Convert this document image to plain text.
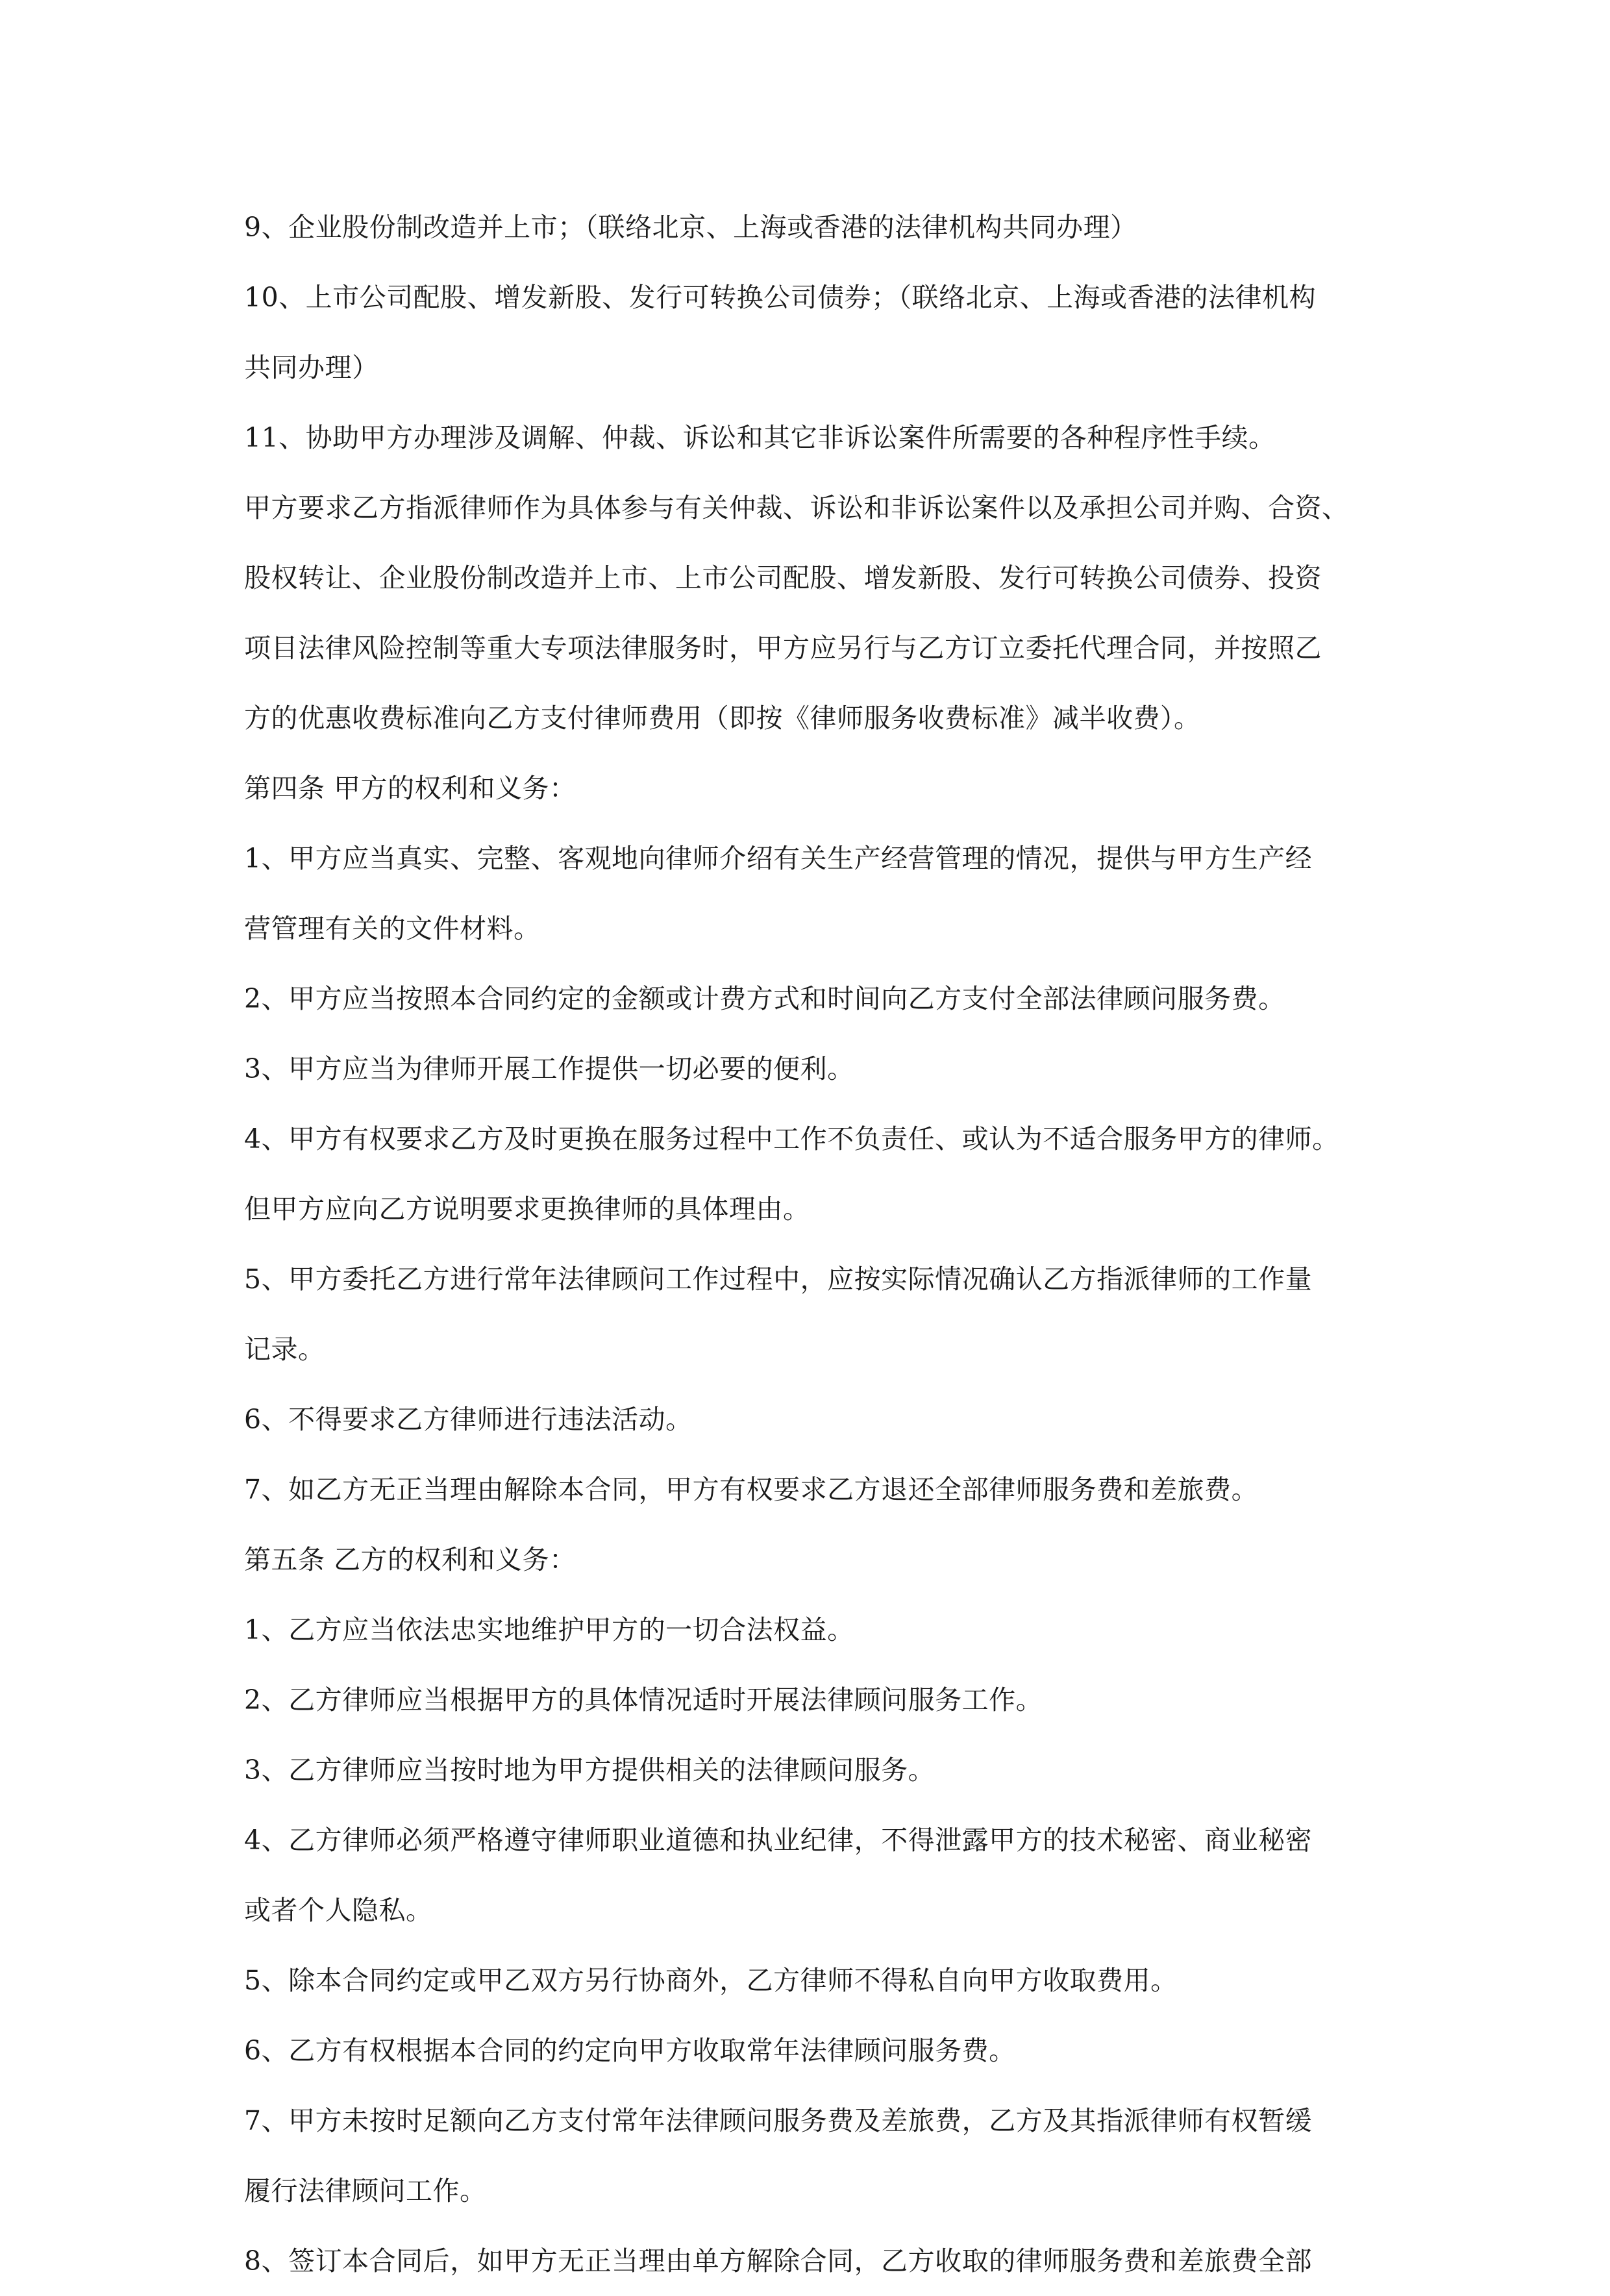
9、企业股份制改造并上市；（联络北京、上海或香港的法律机构共同办理）
10、上市公司配股、增发新股、发行可转换公司债券；（联络北京、上海或香港的法律机构
共同办理）
11、协助甲方办理涉及调解、仲裁、诉讼和其它非诉讼案件所需要的各种程序性手续。
甲方要求乙方指派律师作为具体参与有关仲裁、诉讼和非诉讼案件以及承担公司并购、合资、
股权转让、企业股份制改造并上市、上市公司配股、增发新股、发行可转换公司债券、投资
项目法律风险控制等重大专项法律服务时，甲方应另行与乙方订立委托代理合同，并按照乙
方的优惠收费标准向乙方支付律师费用（即按《律师服务收费标准》减半收费）。
第四条 甲方的权利和义务：
1、甲方应当真实、完整、客观地向律师介绍有关生产经营管理的情况，提供与甲方生产经
营管理有关的文件材料。
2、甲方应当按照本合同约定的金额或计费方式和时间向乙方支付全部法律顾问服务费。
3、甲方应当为律师开展工作提供一切必要的便利。
4、甲方有权要求乙方及时更换在服务过程中工作不负责任、或认为不适合服务甲方的律师。
但甲方应向乙方说明要求更换律师的具体理由。
5、甲方委托乙方进行常年法律顾问工作过程中，应按实际情况确认乙方指派律师的工作量
记录。
6、不得要求乙方律师进行违法活动。
7、如乙方无正当理由解除本合同，甲方有权要求乙方退还全部律师服务费和差旅费。
第五条 乙方的权利和义务：
1、乙方应当依法忠实地维护甲方的一切合法权益。
2、乙方律师应当根据甲方的具体情况适时开展法律顾问服务工作。
3、乙方律师应当按时地为甲方提供相关的法律顾问服务。
4、乙方律师必须严格遵守律师职业道德和执业纪律，不得泄露甲方的技术秘密、商业秘密
或者个人隐私。
5、除本合同约定或甲乙双方另行协商外，乙方律师不得私自向甲方收取费用。
6、乙方有权根据本合同的约定向甲方收取常年法律顾问服务费。
7、甲方未按时足额向乙方支付常年法律顾问服务费及差旅费，乙方及其指派律师有权暂缓
履行法律顾问工作。
8、签订本合同后，如甲方无正当理由单方解除合同，乙方收取的律师服务费和差旅费全部
